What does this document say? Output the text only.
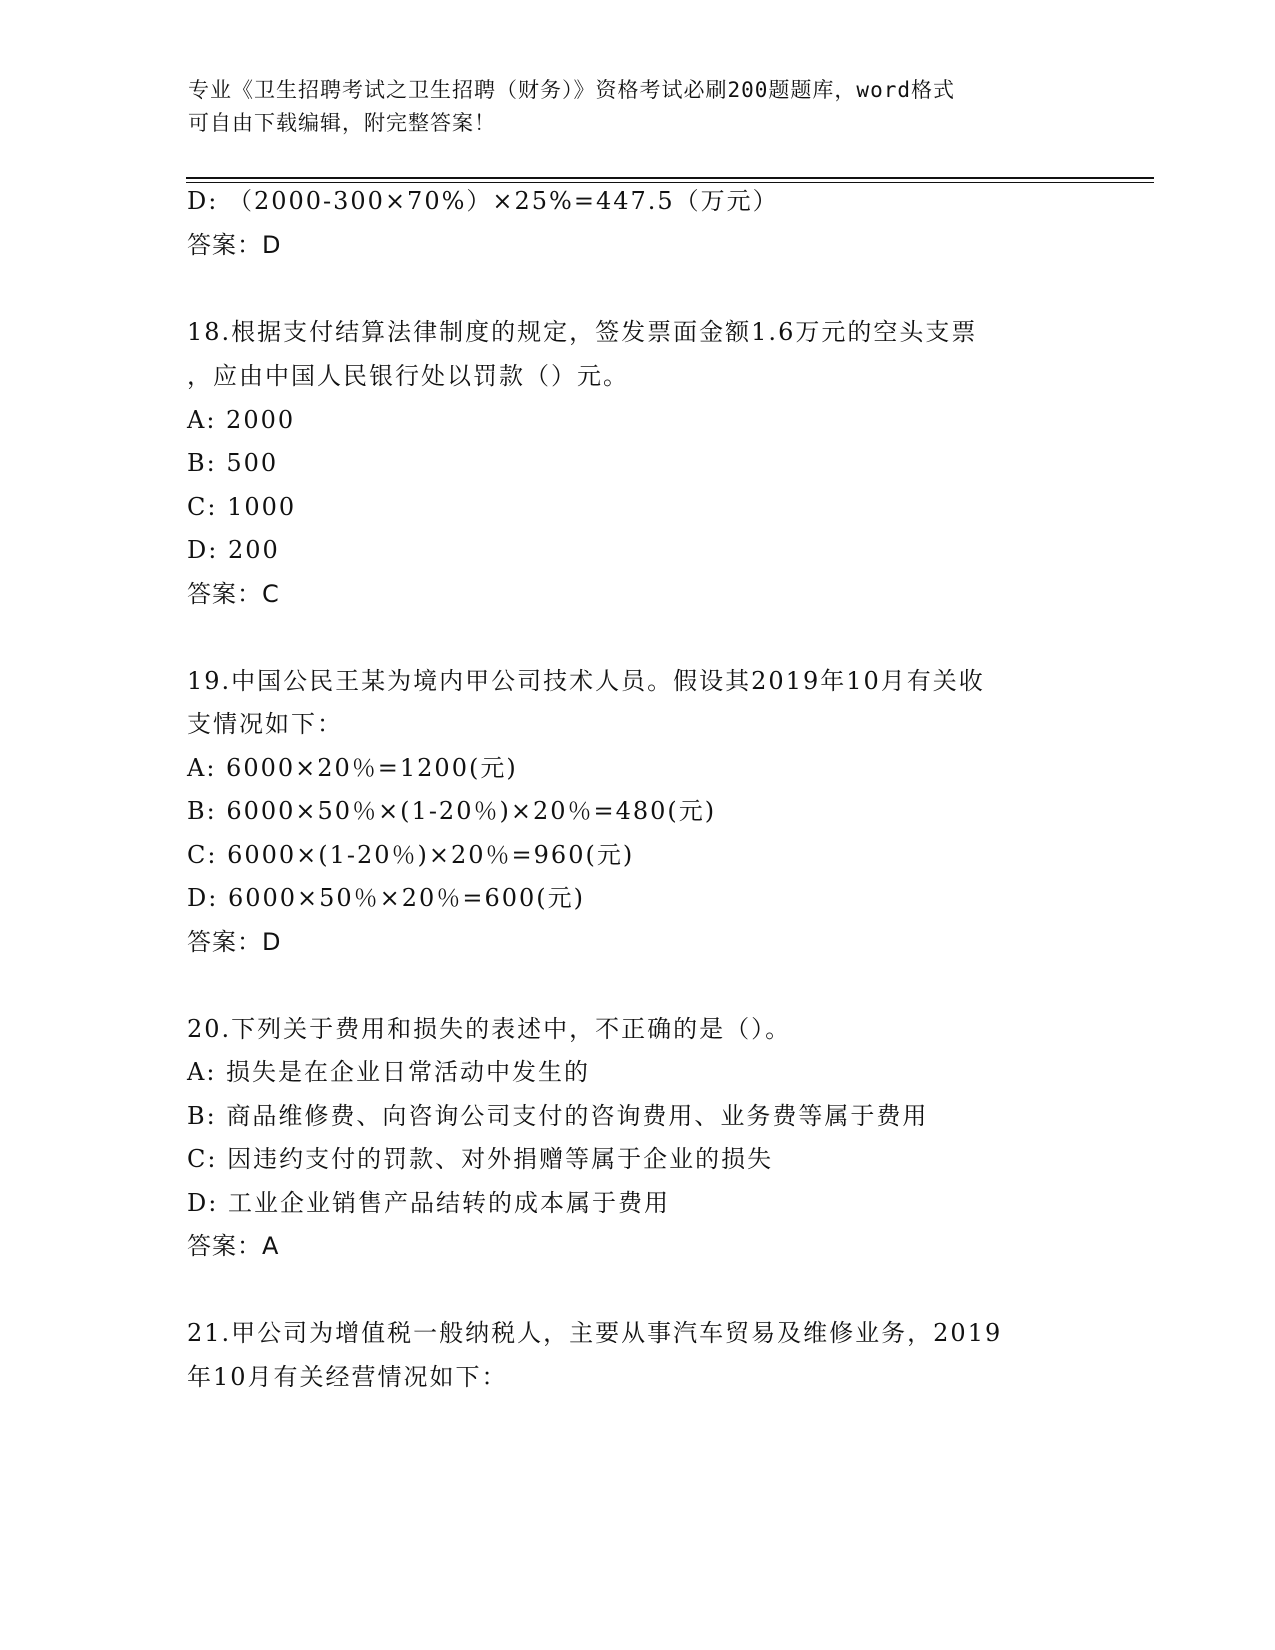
专业《卫生招聘考试之卫生招聘（财务）》资格考试必刷200题题库，word格式
可自由下载编辑，附完整答案！
D: （2000-300×70%）×25%=447.5（万元）
答案：D
18.根据支付结算法律制度的规定，签发票面金额1.6万元的空头支票
，应由中国人民银行处以罚款（）元。
A: 2000
B: 500
C: 1000
D: 200
答案：C
19.中国公民王某为境内甲公司技术人员。假设其2019年10月有关收
支情况如下：
A: 6000×20％=1200(元)
B: 6000×50％×(1-20％)×20％=480(元)
C: 6000×(1-20％)×20％=960(元)
D: 6000×50％×20％=600(元)
答案：D
20.下列关于费用和损失的表述中，不正确的是（）。
A: 损失是在企业日常活动中发生的
B: 商品维修费、向咨询公司支付的咨询费用、业务费等属于费用
C: 因违约支付的罚款、对外捐赠等属于企业的损失
D: 工业企业销售产品结转的成本属于费用
答案：A
21.甲公司为增值税一般纳税人，主要从事汽车贸易及维修业务，2019
年10月有关经营情况如下：
